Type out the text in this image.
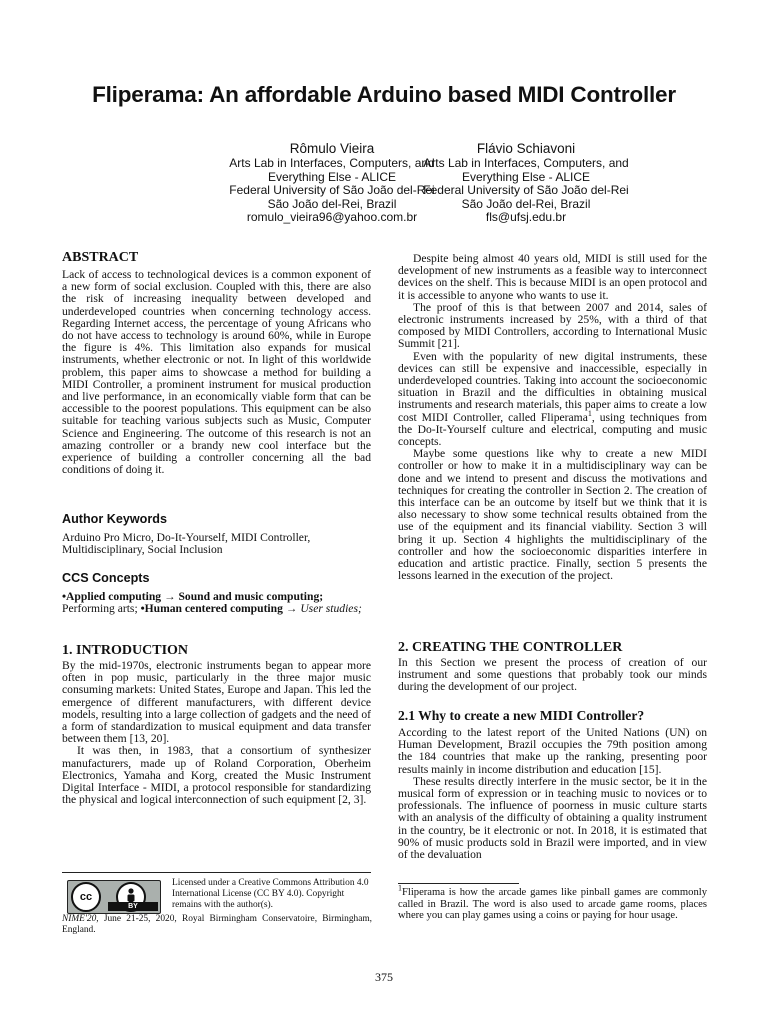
Fliperama: An affordable Arduino based MIDI Controller
Rômulo Vieira
Arts Lab in Interfaces, Computers, and
Everything Else - ALICE
Federal University of São João del-Rei
São João del-Rei, Brazil
romulo_vieira96@yahoo.com.br
Flávio Schiavoni
Arts Lab in Interfaces, Computers, and
Everything Else - ALICE
Federal University of São João del-Rei
São João del-Rei, Brazil
fls@ufsj.edu.br
ABSTRACT

Lack of access to technological devices is a common exponent of a new form of social exclusion. Coupled with this, there are also the risk of increasing inequality between developed and underdeveloped countries when concerning technology access. Regarding Internet access, the percentage of young Africans who do not have access to technology is around 60%, while in Europe the figure is 4%. This limitation also expands for musical instruments, whether electronic or not. In light of this worldwide problem, this paper aims to showcase a method for building a MIDI Controller, a prominent instrument for musical production and live performance, in an economically viable form that can be accessible to the poorest populations. This equipment can be also suitable for teaching various subjects such as Music, Computer Science and Engineering. The outcome of this research is not an amazing controller or a brandy new cool interface but the experience of building a controller concerning all the bad conditions of doing it.

Author Keywords

Arduino Pro Micro, Do-It-Yourself, MIDI Controller, Multidisciplinary, Social Inclusion

CCS Concepts

•Applied computing → Sound and music computing; Performing arts; •Human centered computing → User studies;

1. INTRODUCTION

By the mid-1970s, electronic instruments began to appear more often in pop music, particularly in the three major music consuming markets: United States, Europe and Japan. This led the emergence of different manufacturers, with different device models, resulting into a large collection of gadgets and the need of a form of standardization to musical equipment and data transfer between them [13, 20].

It was then, in 1983, that a consortium of synthesizer manufacturers, made up of Roland Corporation, Oberheim Electronics, Yamaha and Korg, created the Music Instrument Digital Interface - MIDI, a protocol responsible for standardizing the physical and logical interconnection of such equipment [2, 3].

cc
BY
Licensed under a Creative Commons Attribution 4.0 International License (CC BY 4.0). Copyright remains with the author(s).
NIME'20, June 21-25, 2020, Royal Birmingham Conservatoire, Birmingham, England.

Despite being almost 40 years old, MIDI is still used for the development of new instruments as a feasible way to interconnect devices on the shelf. This is because MIDI is an open protocol and it is accessible to anyone who wants to use it.

The proof of this is that between 2007 and 2014, sales of electronic instruments increased by 25%, with a third of that composed by MIDI Controllers, according to International Music Summit [21].

Even with the popularity of new digital instruments, these devices can still be expensive and inaccessible, especially in underdeveloped countries. Taking into account the socioeconomic situation in Brazil and the difficulties in obtaining musical instruments and research materials, this paper aims to create a low cost MIDI Controller, called Fliperama$^1$, using techniques from the Do-It-Yourself culture and electrical, computing and music concepts.

Maybe some questions like why to create a new MIDI controller or how to make it in a multidisciplinary way can be done and we intend to present and discuss the motivations and techniques for creating the controller in Section 2. The creation of this interface can be an outcome by itself but we think that it is also necessary to show some technical results obtained from the use of the equipment and its financial viability. Section 3 will bring it up. Section 4 highlights the multidisciplinary of the controller and how the socioeconomic disparities interfere in education and artistic practice. Finally, section 5 presents the lessons learned in the execution of the project.

2. CREATING THE CONTROLLER

In this Section we present the process of creation of our instrument and some questions that probably took our minds during the development of our project.

2.1 Why to create a new MIDI Controller?

According to the latest report of the United Nations (UN) on Human Development, Brazil occupies the 79th position among the 184 countries that make up the ranking, presenting poor results mainly in income distribution and education [15].

These results directly interfere in the music sector, be it in the musical form of expression or in teaching music to novices or to professionals. The influence of poorness in music culture starts with an analysis of the difficulty of obtaining a quality instrument in the country, be it electronic or not. In 2018, it is estimated that 90% of music products sold in Brazil were imported, and in view of the devaluation

$^1$Fliperama is how the arcade games like pinball games are commonly called in Brazil. The word is also used to arcade game rooms, places where you can play games using a coins or paying for hour usage.

375
